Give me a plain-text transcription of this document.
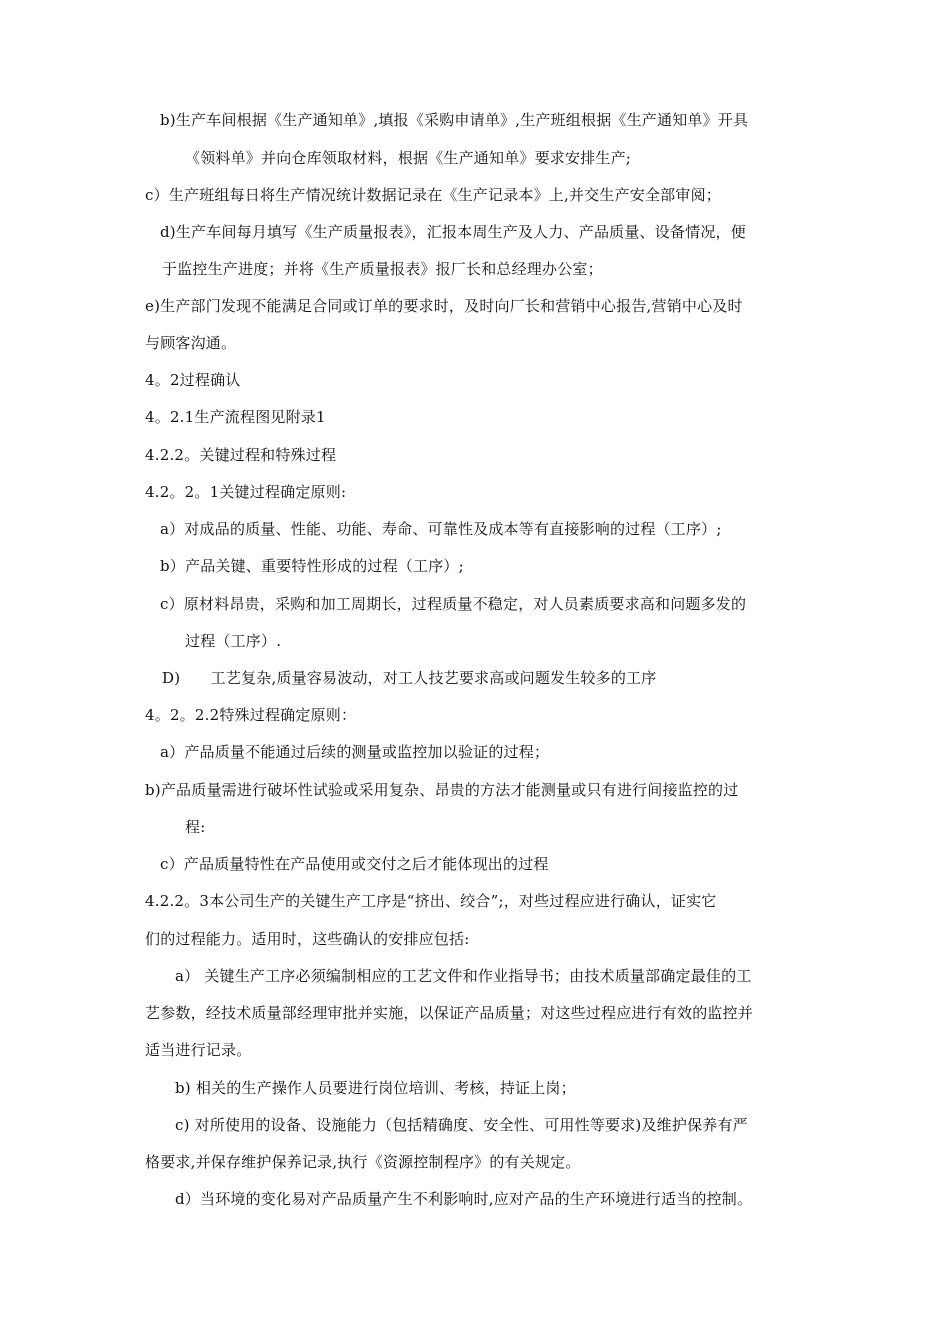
b)生产车间根据《生产通知单》,填报《采购申请单》,生产班组根据《生产通知单》开具
《领料单》并向仓库领取材料，根据《生产通知单》要求安排生产;
c）生产班组每日将生产情况统计数据记录在《生产记录本》上,并交生产安全部审阅；
d)生产车间每月填写《生产质量报表》，汇报本周生产及人力、产品质量、设备情况，便
于监控生产进度；并将《生产质量报表》报厂长和总经理办公室；
e)生产部门发现不能满足合同或订单的要求时，及时向厂长和营销中心报告,营销中心及时
与顾客沟通。
4。2过程确认
4。2.1生产流程图见附录1
4.2.2。关键过程和特殊过程
4.2。2。1关键过程确定原则:
a）对成品的质量、性能、功能、寿命、可靠性及成本等有直接影响的过程（工序）;
b）产品关键、重要特性形成的过程（工序）;
c）原材料昂贵，采购和加工周期长，过程质量不稳定，对人员素质要求高和问题多发的
过程（工序）.
D)　　工艺复杂,质量容易波动，对工人技艺要求高或问题发生较多的工序
4。2。2.2特殊过程确定原则：
a）产品质量不能通过后续的测量或监控加以验证的过程；
b)产品质量需进行破坏性试验或采用复杂、昂贵的方法才能测量或只有进行间接监控的过
程:
c）产品质量特性在产品使用或交付之后才能体现出的过程
4.2.2。3本公司生产的关键生产工序是“挤出、绞合”;，对些过程应进行确认，证实它
们的过程能力。适用时，这些确认的安排应包括:
a） 关键生产工序必须编制相应的工艺文件和作业指导书；由技术质量部确定最佳的工
艺参数，经技术质量部经理审批并实施，以保证产品质量；对这些过程应进行有效的监控并
适当进行记录。
b) 相关的生产操作人员要进行岗位培训、考核，持证上岗；
c) 对所使用的设备、设施能力（包括精确度、安全性、可用性等要求)及维护保养有严
格要求,并保存维护保养记录,执行《资源控制程序》的有关规定。
d）当环境的变化易对产品质量产生不利影响时,应对产品的生产环境进行适当的控制。
